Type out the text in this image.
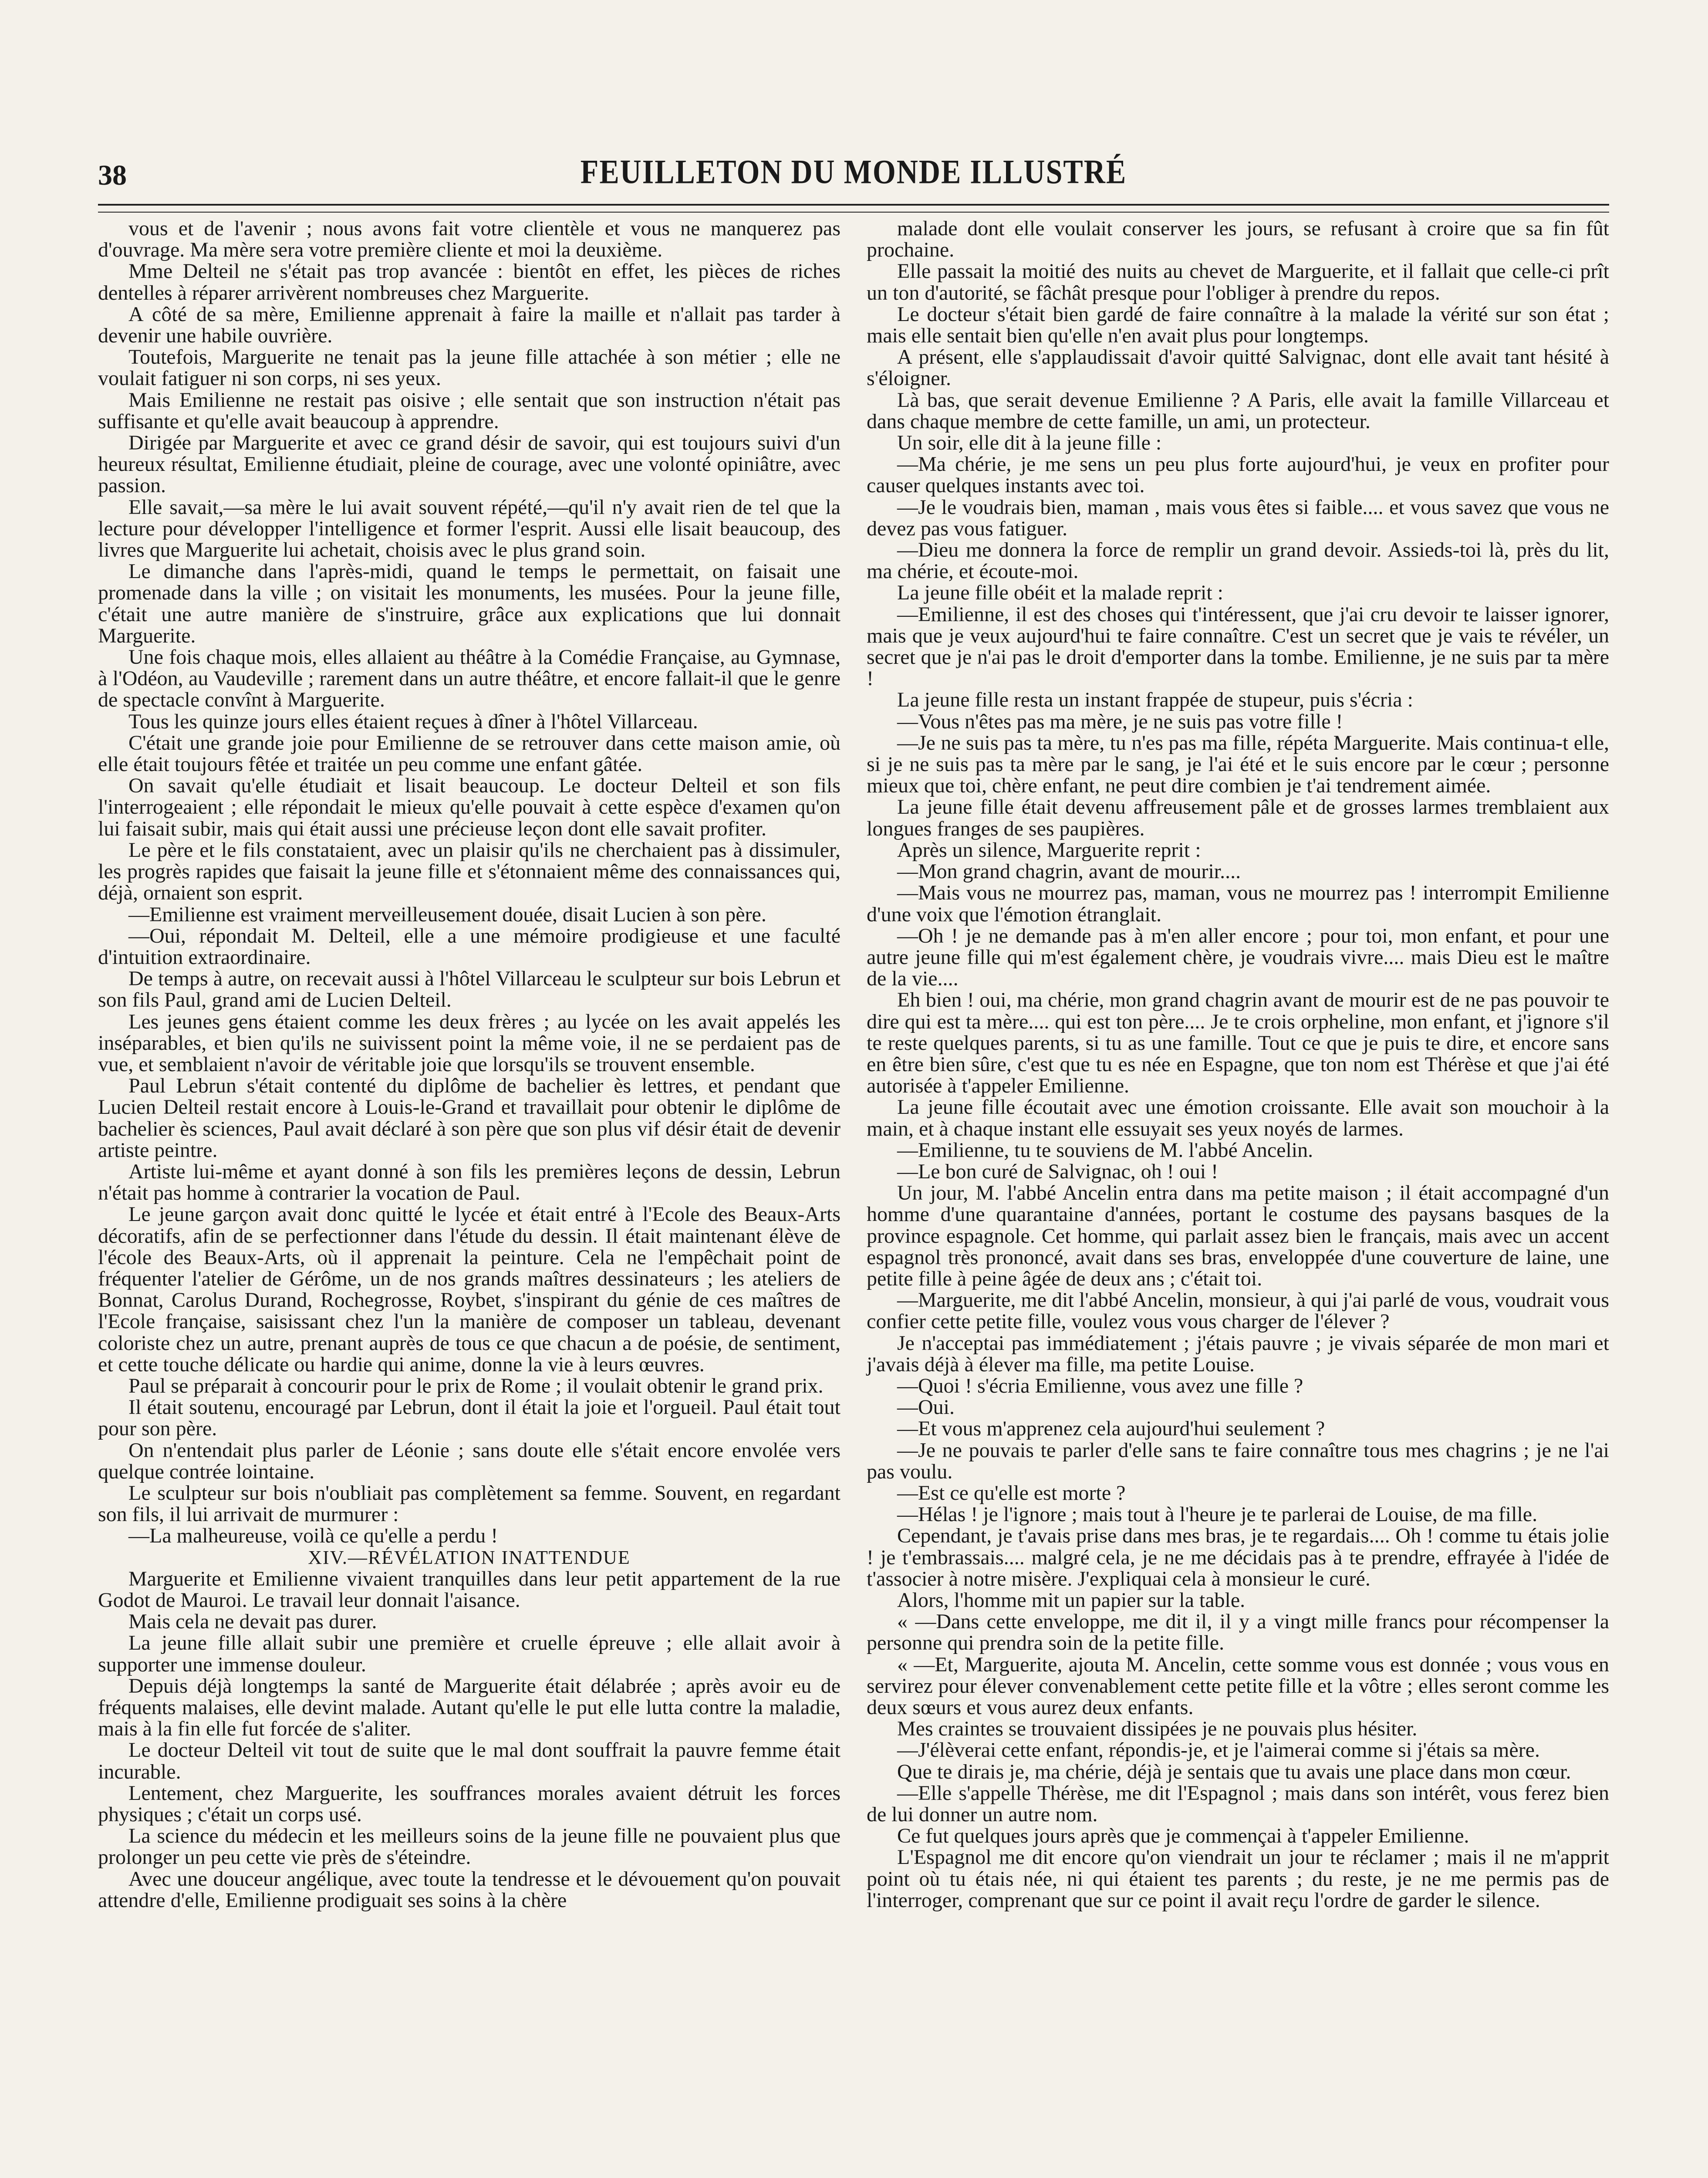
38	FEUILLETON DU MONDE ILLUSTRÉ

vous et de l'avenir ; nous avons fait votre clientèle et vous ne manquerez pas d'ouvrage. Ma mère sera votre première cliente et moi la deuxième.

Mme Delteil ne s'était pas trop avancée : bientôt en effet, les pièces de riches dentelles à réparer arrivèrent nombreuses chez Marguerite.

A côté de sa mère, Emilienne apprenait à faire la maille et n'allait pas tarder à devenir une habile ouvrière.

Toutefois, Marguerite ne tenait pas la jeune fille attachée à son métier ; elle ne voulait fatiguer ni son corps, ni ses yeux.

Mais Emilienne ne restait pas oisive ; elle sentait que son instruction n'était pas suffisante et qu'elle avait beaucoup à apprendre.

Dirigée par Marguerite et avec ce grand désir de savoir, qui est toujours suivi d'un heureux résultat, Emilienne étudiait, pleine de courage, avec une volonté opiniâtre, avec passion.

Elle savait,—sa mère le lui avait souvent répété,—qu'il n'y avait rien de tel que la lecture pour développer l'intelligence et former l'esprit. Aussi elle lisait beaucoup, des livres que Marguerite lui achetait, choisis avec le plus grand soin.

Le dimanche dans l'après-midi, quand le temps le permettait, on faisait une promenade dans la ville ; on visitait les monuments, les musées. Pour la jeune fille, c'était une autre manière de s'instruire, grâce aux explications que lui donnait Marguerite.

Une fois chaque mois, elles allaient au théâtre à la Comédie Française, au Gymnase, à l'Odéon, au Vaudeville ; rarement dans un autre théâtre, et encore fallait-il que le genre de spectacle convînt à Marguerite.

Tous les quinze jours elles étaient reçues à dîner à l'hôtel Villarceau.

C'était une grande joie pour Emilienne de se retrouver dans cette maison amie, où elle était toujours fêtée et traitée un peu comme une enfant gâtée.

On savait qu'elle étudiait et lisait beaucoup. Le docteur Delteil et son fils l'interrogeaient ; elle répondait le mieux qu'elle pouvait à cette espèce d'examen qu'on lui faisait subir, mais qui était aussi une précieuse leçon dont elle savait profiter.

Le père et le fils constataient, avec un plaisir qu'ils ne cherchaient pas à dissimuler, les progrès rapides que faisait la jeune fille et s'étonnaient même des connaissances qui, déjà, ornaient son esprit.

—Emilienne est vraiment merveilleusement douée, disait Lucien à son père.

—Oui, répondait M. Delteil, elle a une mémoire prodigieuse et une faculté d'intuition extraordinaire.

De temps à autre, on recevait aussi à l'hôtel Villarceau le sculpteur sur bois Lebrun et son fils Paul, grand ami de Lucien Delteil.

Les jeunes gens étaient comme les deux frères ; au lycée on les avait appelés les inséparables, et bien qu'ils ne suivissent point la même voie, il ne se perdaient pas de vue, et semblaient n'avoir de véritable joie que lorsqu'ils se trouvent ensemble.

Paul Lebrun s'était contenté du diplôme de bachelier ès lettres, et pendant que Lucien Delteil restait encore à Louis-le-Grand et travaillait pour obtenir le diplôme de bachelier ès sciences, Paul avait déclaré à son père que son plus vif désir était de devenir artiste peintre.

Artiste lui-même et ayant donné à son fils les premières leçons de dessin, Lebrun n'était pas homme à contrarier la vocation de Paul.

Le jeune garçon avait donc quitté le lycée et était entré à l'Ecole des Beaux-Arts décoratifs, afin de se perfectionner dans l'étude du dessin. Il était maintenant élève de l'école des Beaux-Arts, où il apprenait la peinture. Cela ne l'empêchait point de fréquenter l'atelier de Gérôme, un de nos grands maîtres dessinateurs ; les ateliers de Bonnat, Carolus Durand, Rochegrosse, Roybet, s'inspirant du génie de ces maîtres de l'Ecole française, saisissant chez l'un la manière de composer un tableau, devenant coloriste chez un autre, prenant auprès de tous ce que chacun a de poésie, de sentiment, et cette touche délicate ou hardie qui anime, donne la vie à leurs œuvres.

Paul se préparait à concourir pour le prix de Rome ; il voulait obtenir le grand prix.

Il était soutenu, encouragé par Lebrun, dont il était la joie et l'orgueil. Paul était tout pour son père.

On n'entendait plus parler de Léonie ; sans doute elle s'était encore envolée vers quelque contrée lointaine.

Le sculpteur sur bois n'oubliait pas complètement sa femme. Souvent, en regardant son fils, il lui arrivait de murmurer :

—La malheureuse, voilà ce qu'elle a perdu !

XIV.—RÉVÉLATION INATTENDUE

Marguerite et Emilienne vivaient tranquilles dans leur petit appartement de la rue Godot de Mauroi. Le travail leur donnait l'aisance.

Mais cela ne devait pas durer.

La jeune fille allait subir une première et cruelle épreuve ; elle allait avoir à supporter une immense douleur.

Depuis déjà longtemps la santé de Marguerite était délabrée ; après avoir eu de fréquents malaises, elle devint malade. Autant qu'elle le put elle lutta contre la maladie, mais à la fin elle fut forcée de s'aliter.

Le docteur Delteil vit tout de suite que le mal dont souffrait la pauvre femme était incurable.

Lentement, chez Marguerite, les souffrances morales avaient détruit les forces physiques ; c'était un corps usé.

La science du médecin et les meilleurs soins de la jeune fille ne pouvaient plus que prolonger un peu cette vie près de s'éteindre.

Avec une douceur angélique, avec toute la tendresse et le dévouement qu'on pouvait attendre d'elle, Emilienne prodiguait ses soins à la chère

malade dont elle voulait conserver les jours, se refusant à croire que sa fin fût prochaine.

Elle passait la moitié des nuits au chevet de Marguerite, et il fallait que celle-ci prît un ton d'autorité, se fâchât presque pour l'obliger à prendre du repos.

Le docteur s'était bien gardé de faire connaître à la malade la vérité sur son état ; mais elle sentait bien qu'elle n'en avait plus pour longtemps.

A présent, elle s'applaudissait d'avoir quitté Salvignac, dont elle avait tant hésité à s'éloigner.

Là bas, que serait devenue Emilienne ? A Paris, elle avait la famille Villarceau et dans chaque membre de cette famille, un ami, un protecteur.

Un soir, elle dit à la jeune fille :

—Ma chérie, je me sens un peu plus forte aujourd'hui, je veux en profiter pour causer quelques instants avec toi.

—Je le voudrais bien, maman , mais vous êtes si faible.... et vous savez que vous ne devez pas vous fatiguer.

—Dieu me donnera la force de remplir un grand devoir. Assieds-toi là, près du lit, ma chérie, et écoute-moi.

La jeune fille obéit et la malade reprit :

—Emilienne, il est des choses qui t'intéressent, que j'ai cru devoir te laisser ignorer, mais que je veux aujourd'hui te faire connaître. C'est un secret que je vais te révéler, un secret que je n'ai pas le droit d'emporter dans la tombe. Emilienne, je ne suis par ta mère !

La jeune fille resta un instant frappée de stupeur, puis s'écria :

—Vous n'êtes pas ma mère, je ne suis pas votre fille !

—Je ne suis pas ta mère, tu n'es pas ma fille, répéta Marguerite. Mais continua-t elle, si je ne suis pas ta mère par le sang, je l'ai été et le suis encore par le cœur ; personne mieux que toi, chère enfant, ne peut dire combien je t'ai tendrement aimée.

La jeune fille était devenu affreusement pâle et de grosses larmes tremblaient aux longues franges de ses paupières.

Après un silence, Marguerite reprit :

—Mon grand chagrin, avant de mourir....

—Mais vous ne mourrez pas, maman, vous ne mourrez pas ! interrompit Emilienne d'une voix que l'émotion étranglait.

—Oh ! je ne demande pas à m'en aller encore ; pour toi, mon enfant, et pour une autre jeune fille qui m'est également chère, je voudrais vivre.... mais Dieu est le maître de la vie....

Eh bien ! oui, ma chérie, mon grand chagrin avant de mourir est de ne pas pouvoir te dire qui est ta mère.... qui est ton père.... Je te crois orpheline, mon enfant, et j'ignore s'il te reste quelques parents, si tu as une famille. Tout ce que je puis te dire, et encore sans en être bien sûre, c'est que tu es née en Espagne, que ton nom est Thérèse et que j'ai été autorisée à t'appeler Emilienne.

La jeune fille écoutait avec une émotion croissante. Elle avait son mouchoir à la main, et à chaque instant elle essuyait ses yeux noyés de larmes.

—Emilienne, tu te souviens de M. l'abbé Ancelin.

—Le bon curé de Salvignac, oh ! oui !

Un jour, M. l'abbé Ancelin entra dans ma petite maison ; il était accompagné d'un homme d'une quarantaine d'années, portant le costume des paysans basques de la province espagnole. Cet homme, qui parlait assez bien le français, mais avec un accent espagnol très prononcé, avait dans ses bras, enveloppée d'une couverture de laine, une petite fille à peine âgée de deux ans ; c'était toi.

—Marguerite, me dit l'abbé Ancelin, monsieur, à qui j'ai parlé de vous, voudrait vous confier cette petite fille, voulez vous vous charger de l'élever ?

Je n'acceptai pas immédiatement ; j'étais pauvre ; je vivais séparée de mon mari et j'avais déjà à élever ma fille, ma petite Louise.

—Quoi ! s'écria Emilienne, vous avez une fille ?

—Oui.

—Et vous m'apprenez cela aujourd'hui seulement ?

—Je ne pouvais te parler d'elle sans te faire connaître tous mes chagrins ; je ne l'ai pas voulu.

—Est ce qu'elle est morte ?

—Hélas ! je l'ignore ; mais tout à l'heure je te parlerai de Louise, de ma fille.

Cependant, je t'avais prise dans mes bras, je te regardais.... Oh ! comme tu étais jolie ! je t'embrassais.... malgré cela, je ne me décidais pas à te prendre, effrayée à l'idée de t'associer à notre misère. J'expliquai cela à monsieur le curé.

Alors, l'homme mit un papier sur la table.

« —Dans cette enveloppe, me dit il, il y a vingt mille francs pour récompenser la personne qui prendra soin de la petite fille.

« —Et, Marguerite, ajouta M. Ancelin, cette somme vous est donnée ; vous vous en servirez pour élever convenablement cette petite fille et la vôtre ; elles seront comme les deux sœurs et vous aurez deux enfants.

Mes craintes se trouvaient dissipées je ne pouvais plus hésiter.

—J'élèverai cette enfant, répondis-je, et je l'aimerai comme si j'étais sa mère.

Que te dirais je, ma chérie, déjà je sentais que tu avais une place dans mon cœur.

—Elle s'appelle Thérèse, me dit l'Espagnol ; mais dans son intérêt, vous ferez bien de lui donner un autre nom.

Ce fut quelques jours après que je commençai à t'appeler Emilienne.

L'Espagnol me dit encore qu'on viendrait un jour te réclamer ; mais il ne m'apprit point où tu étais née, ni qui étaient tes parents ; du reste, je ne me permis pas de l'interroger, comprenant que sur ce point il avait reçu l'ordre de garder le silence.
